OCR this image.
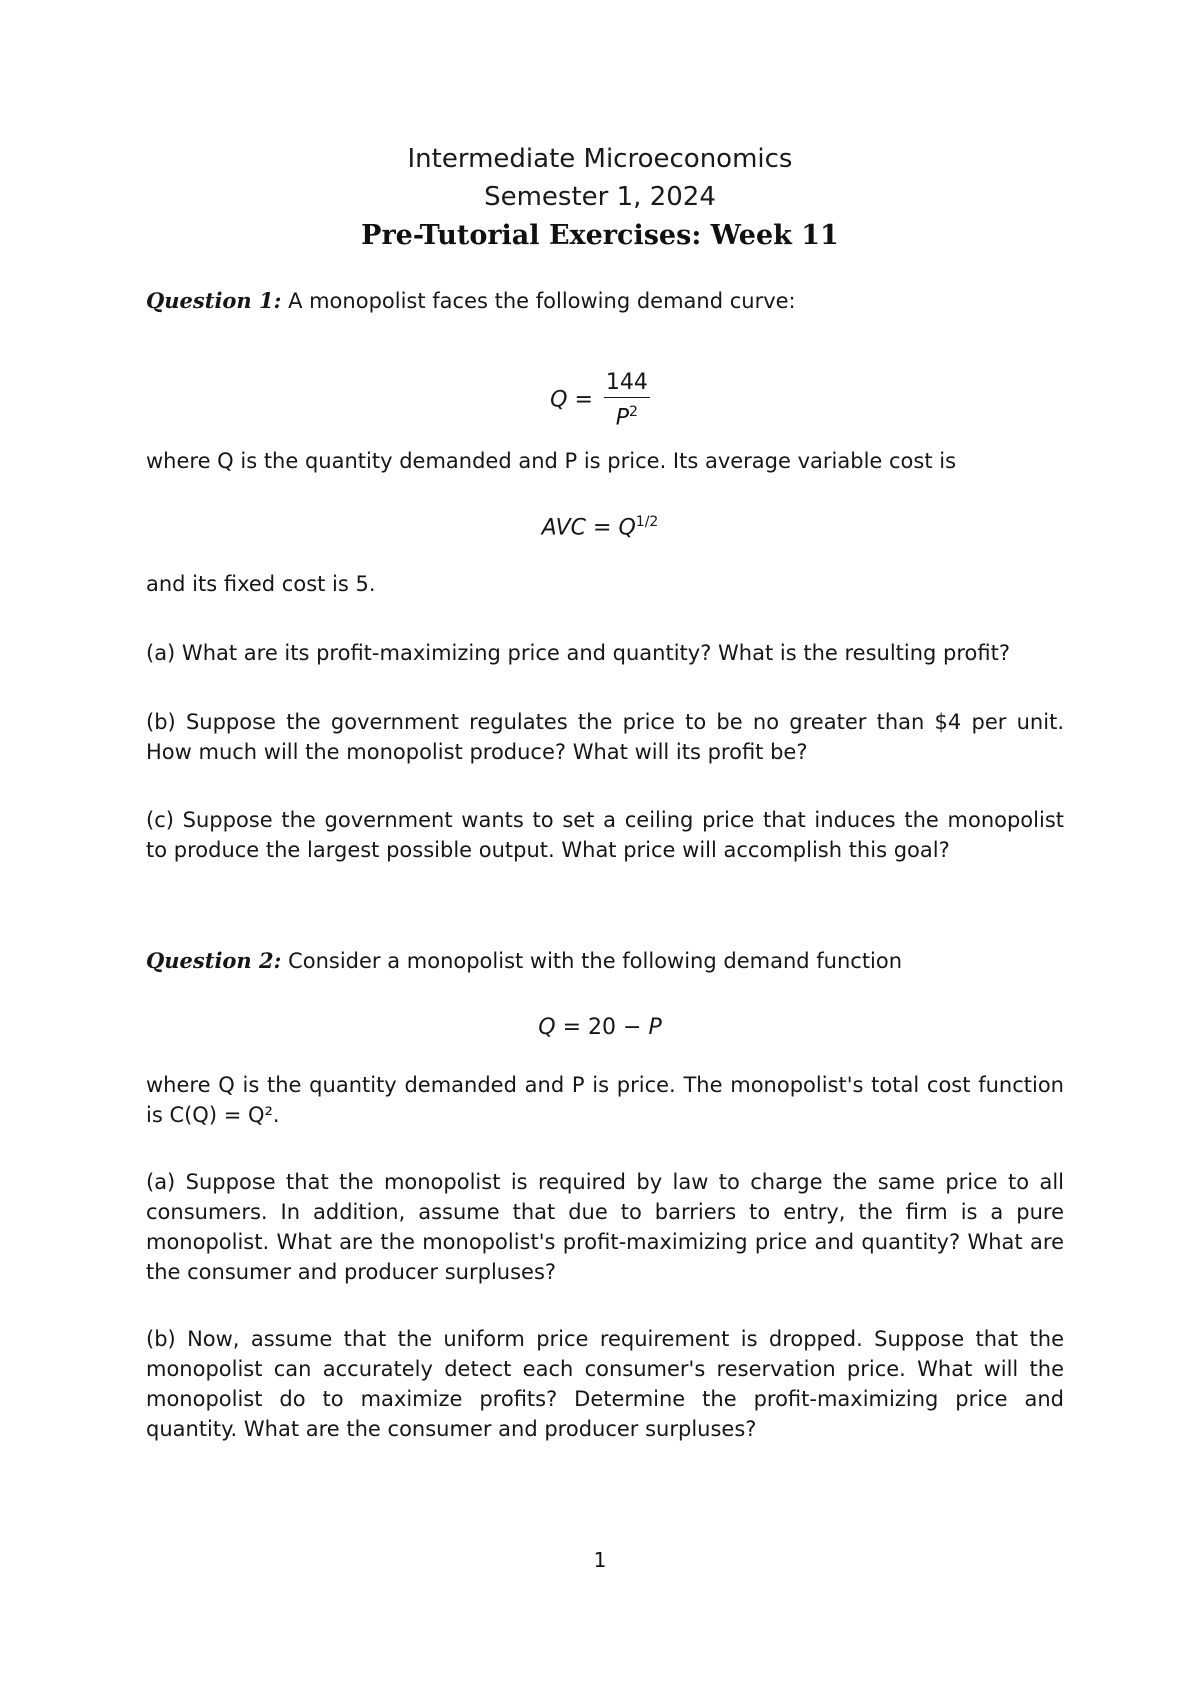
Intermediate Microeconomics
Semester 1, 2024
Pre-Tutorial Exercises: Week 11
Question 1: A monopolist faces the following demand curve:
$Q = \frac{144}{P^2}$
where Q is the quantity demanded and P is price. Its average variable cost is
AVC = $Q^{1/2}$
and its fixed cost is 5.
(a) What are its profit-maximizing price and quantity? What is the resulting profit?
(b) Suppose the government regulates the price to be no greater than $4 per unit. How much will the monopolist produce? What will its profit be?
(c) Suppose the government wants to set a ceiling price that induces the monopolist to produce the largest possible output. What price will accomplish this goal?
Question 2: Consider a monopolist with the following demand function
Q = 20 − P
where Q is the quantity demanded and P is price. The monopolist's total cost function is C(Q) = Q².
(a) Suppose that the monopolist is required by law to charge the same price to all consumers. In addition, assume that due to barriers to entry, the firm is a pure monopolist. What are the monopolist's profit-maximizing price and quantity? What are the consumer and producer surpluses?
(b) Now, assume that the uniform price requirement is dropped. Suppose that the monopolist can accurately detect each consumer's reservation price. What will the monopolist do to maximize profits? Determine the profit-maximizing price and quantity. What are the consumer and producer surpluses?
1
